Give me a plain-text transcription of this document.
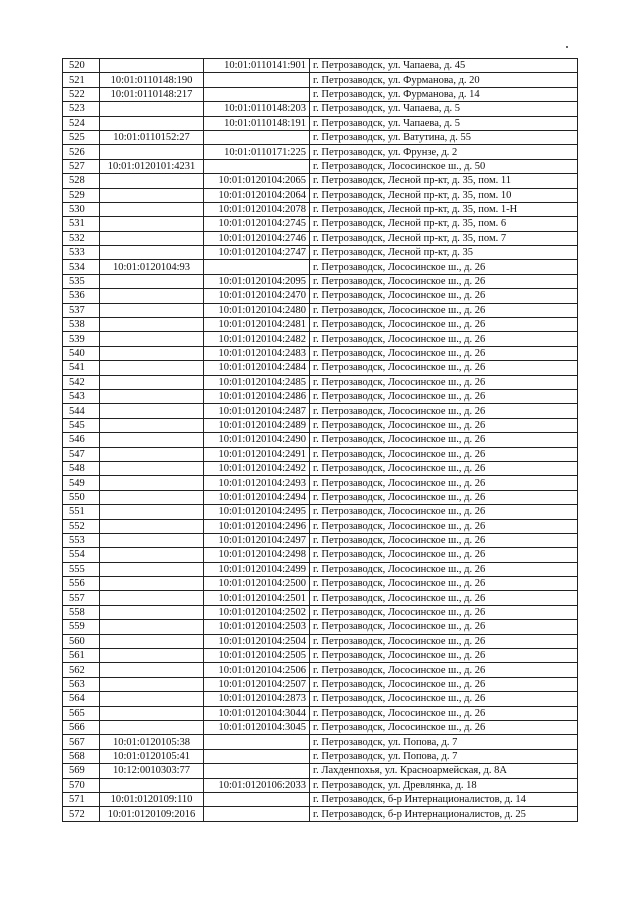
520		10:01:0110141:901	г. Петрозаводск, ул. Чапаева, д. 45
521	10:01:0110148:190		г. Петрозаводск, ул. Фурманова, д. 20
522	10:01:0110148:217		г. Петрозаводск, ул. Фурманова, д. 14
523		10:01:0110148:203	г. Петрозаводск, ул. Чапаева, д. 5
524		10:01:0110148:191	г. Петрозаводск, ул. Чапаева, д. 5
525	10:01:0110152:27		г. Петрозаводск, ул. Ватутина, д. 55
526		10:01:0110171:225	г. Петрозаводск, ул. Фрунзе, д. 2
527	10:01:0120101:4231		г. Петрозаводск, Лососинское ш., д. 50
528		10:01:0120104:2065	г. Петрозаводск, Лесной пр-кт, д. 35, пом. 11
529		10:01:0120104:2064	г. Петрозаводск, Лесной пр-кт, д. 35, пом. 10
530		10:01:0120104:2078	г. Петрозаводск, Лесной пр-кт, д. 35, пом. 1-Н
531		10:01:0120104:2745	г. Петрозаводск, Лесной пр-кт, д. 35, пом. 6
532		10:01:0120104:2746	г. Петрозаводск, Лесной пр-кт, д. 35, пом. 7
533		10:01:0120104:2747	г. Петрозаводск, Лесной пр-кт, д. 35
534	10:01:0120104:93		г. Петрозаводск, Лососинское ш., д. 26
535		10:01:0120104:2095	г. Петрозаводск, Лососинское ш., д. 26
536		10:01:0120104:2470	г. Петрозаводск, Лососинское ш., д. 26
537		10:01:0120104:2480	г. Петрозаводск, Лососинское ш., д. 26
538		10:01:0120104:2481	г. Петрозаводск, Лососинское ш., д. 26
539		10:01:0120104:2482	г. Петрозаводск, Лососинское ш., д. 26
540		10:01:0120104:2483	г. Петрозаводск, Лососинское ш., д. 26
541		10:01:0120104:2484	г. Петрозаводск, Лососинское ш., д. 26
542		10:01:0120104:2485	г. Петрозаводск, Лососинское ш., д. 26
543		10:01:0120104:2486	г. Петрозаводск, Лососинское ш., д. 26
544		10:01:0120104:2487	г. Петрозаводск, Лососинское ш., д. 26
545		10:01:0120104:2489	г. Петрозаводск, Лососинское ш., д. 26
546		10:01:0120104:2490	г. Петрозаводск, Лососинское ш., д. 26
547		10:01:0120104:2491	г. Петрозаводск, Лососинское ш., д. 26
548		10:01:0120104:2492	г. Петрозаводск, Лососинское ш., д. 26
549		10:01:0120104:2493	г. Петрозаводск, Лососинское ш., д. 26
550		10:01:0120104:2494	г. Петрозаводск, Лососинское ш., д. 26
551		10:01:0120104:2495	г. Петрозаводск, Лососинское ш., д. 26
552		10:01:0120104:2496	г. Петрозаводск, Лососинское ш., д. 26
553		10:01:0120104:2497	г. Петрозаводск, Лососинское ш., д. 26
554		10:01:0120104:2498	г. Петрозаводск, Лососинское ш., д. 26
555		10:01:0120104:2499	г. Петрозаводск, Лососинское ш., д. 26
556		10:01:0120104:2500	г. Петрозаводск, Лососинское ш., д. 26
557		10:01:0120104:2501	г. Петрозаводск, Лососинское ш., д. 26
558		10:01:0120104:2502	г. Петрозаводск, Лососинское ш., д. 26
559		10:01:0120104:2503	г. Петрозаводск, Лососинское ш., д. 26
560		10:01:0120104:2504	г. Петрозаводск, Лососинское ш., д. 26
561		10:01:0120104:2505	г. Петрозаводск, Лососинское ш., д. 26
562		10:01:0120104:2506	г. Петрозаводск, Лососинское ш., д. 26
563		10:01:0120104:2507	г. Петрозаводск, Лососинское ш., д. 26
564		10:01:0120104:2873	г. Петрозаводск, Лососинское ш., д. 26
565		10:01:0120104:3044	г. Петрозаводск, Лососинское ш., д. 26
566		10:01:0120104:3045	г. Петрозаводск, Лососинское ш., д. 26
567	10:01:0120105:38		г. Петрозаводск, ул. Попова, д. 7
568	10:01:0120105:41		г. Петрозаводск, ул. Попова, д. 7
569	10:12:0010303:77		г. Лахденпохья, ул. Красноармейская, д. 8А
570		10:01:0120106:2033	г. Петрозаводск, ул. Древлянка, д. 18
571	10:01:0120109:110		г. Петрозаводск, б-р Интернационалистов, д. 14
572	10:01:0120109:2016		г. Петрозаводск, б-р Интернационалистов, д. 25
